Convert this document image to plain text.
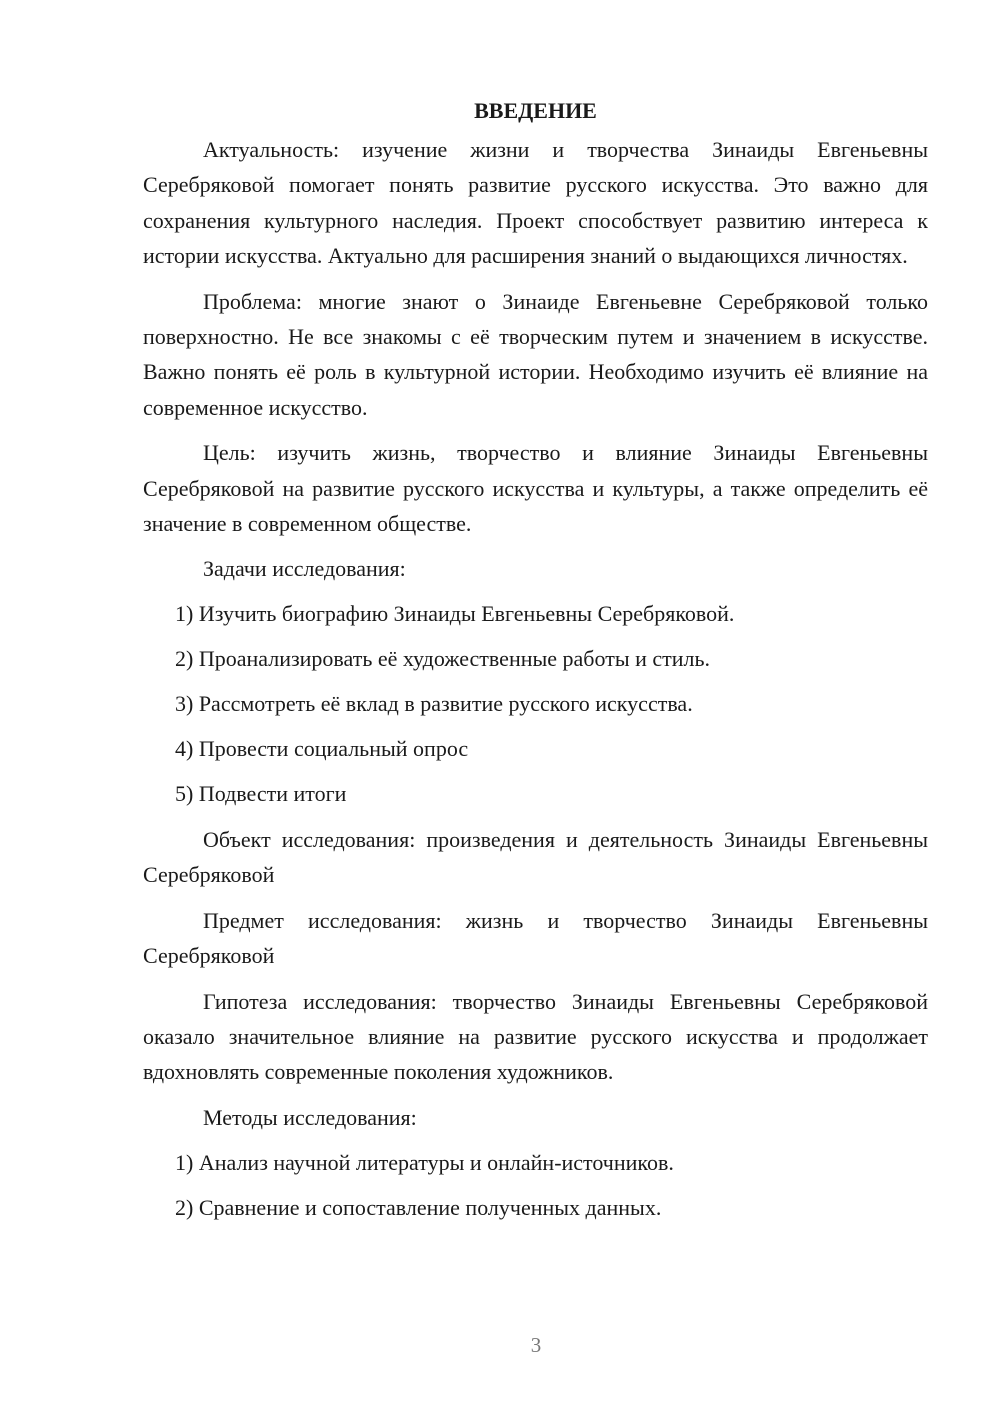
ВВЕДЕНИЕ

Актуальность: изучение жизни и творчества Зинаиды Евгеньевны Серебряковой помогает понять развитие русского искусства. Это важно для сохранения культурного наследия. Проект способствует развитию интереса к истории искусства. Актуально для расширения знаний о выдающихся личностях.

Проблема: многие знают о Зинаиде Евгеньевне Серебряковой только поверхностно. Не все знакомы с её творческим путем и значением в искусстве. Важно понять её роль в культурной истории. Необходимо изучить её влияние на современное искусство.

Цель: изучить жизнь, творчество и влияние Зинаиды Евгеньевны Серебряковой на развитие русского искусства и культуры, а также определить её значение в современном обществе.

Задачи исследования:

1) Изучить биографию Зинаиды Евгеньевны Серебряковой.

2) Проанализировать её художественные работы и стиль.

3) Рассмотреть её вклад в развитие русского искусства.

4) Провести социальный опрос

5) Подвести итоги

Объект исследования: произведения и деятельность Зинаиды Евгеньевны Серебряковой

Предмет исследования: жизнь и творчество Зинаиды Евгеньевны Серебряковой

Гипотеза исследования: творчество Зинаиды Евгеньевны Серебряковой оказало значительное влияние на развитие русского искусства и продолжает вдохновлять современные поколения художников.

Методы исследования:

1) Анализ научной литературы и онлайн-источников.

2) Сравнение и сопоставление полученных данных.

3
